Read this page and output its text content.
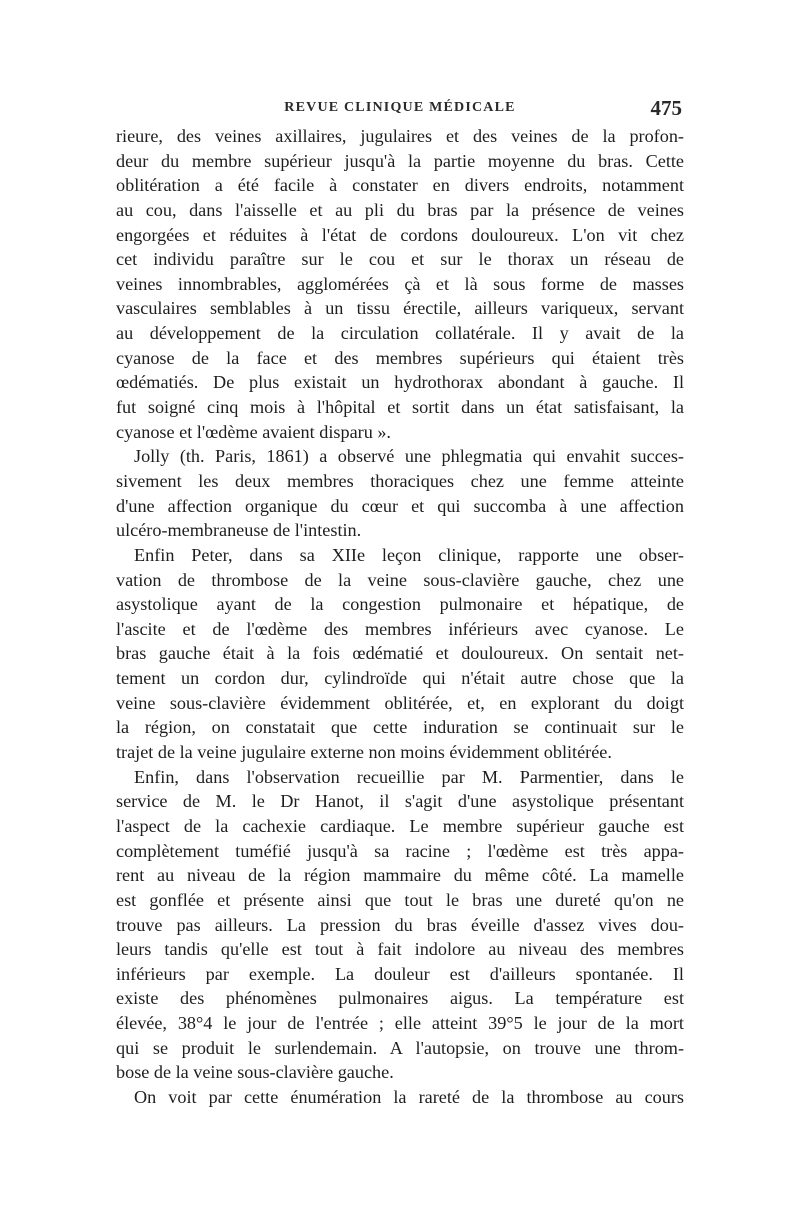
REVUE CLINIQUE MÉDICALE	475
rieure, des veines axillaires, jugulaires et des veines de la profon-
deur du membre supérieur jusqu'à la partie moyenne du bras. Cette
oblitération a été facile à constater en divers endroits, notamment
au cou, dans l'aisselle et au pli du bras par la présence de veines
engorgées et réduites à l'état de cordons douloureux. L'on vit chez
cet individu paraître sur le cou et sur le thorax un réseau de
veines innombrables, agglomérées çà et là sous forme de masses
vasculaires semblables à un tissu érectile, ailleurs variqueux, servant
au développement de la circulation collatérale. Il y avait de la
cyanose de la face et des membres supérieurs qui étaient très
œdématiés. De plus existait un hydrothorax abondant à gauche. Il
fut soigné cinq mois à l'hôpital et sortit dans un état satisfaisant, la
cyanose et l'œdème avaient disparu ».
Jolly (th. Paris, 1861) a observé une phlegmatia qui envahit succes-
sivement les deux membres thoraciques chez une femme atteinte
d'une affection organique du cœur et qui succomba à une affection
ulcéro-membraneuse de l'intestin.
Enfin Peter, dans sa XIIe leçon clinique, rapporte une obser-
vation de thrombose de la veine sous-clavière gauche, chez une
asystolique ayant de la congestion pulmonaire et hépatique, de
l'ascite et de l'œdème des membres inférieurs avec cyanose. Le
bras gauche était à la fois œdématié et douloureux. On sentait net-
tement un cordon dur, cylindroïde qui n'était autre chose que la
veine sous-clavière évidemment oblitérée, et, en explorant du doigt
la région, on constatait que cette induration se continuait sur le
trajet de la veine jugulaire externe non moins évidemment oblitérée.
Enfin, dans l'observation recueillie par M. Parmentier, dans le
service de M. le Dr Hanot, il s'agit d'une asystolique présentant
l'aspect de la cachexie cardiaque. Le membre supérieur gauche est
complètement tuméfié jusqu'à sa racine ; l'œdème est très appa-
rent au niveau de la région mammaire du même côté. La mamelle
est gonflée et présente ainsi que tout le bras une dureté qu'on ne
trouve pas ailleurs. La pression du bras éveille d'assez vives dou-
leurs tandis qu'elle est tout à fait indolore au niveau des membres
inférieurs par exemple. La douleur est d'ailleurs spontanée. Il
existe des phénomènes pulmonaires aigus. La température est
élevée, 38°4 le jour de l'entrée ; elle atteint 39°5 le jour de la mort
qui se produit le surlendemain. A l'autopsie, on trouve une throm-
bose de la veine sous-clavière gauche.
On voit par cette énumération la rareté de la thrombose au cours
